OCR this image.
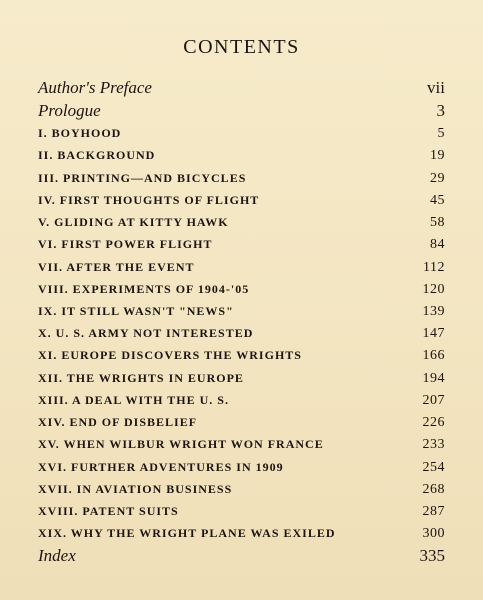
CONTENTS
Author's Preface	vii
Prologue	3
I. BOYHOOD	5
II. BACKGROUND	19
III. PRINTING—AND BICYCLES	29
IV. FIRST THOUGHTS OF FLIGHT	45
V. GLIDING AT KITTY HAWK	58
VI. FIRST POWER FLIGHT	84
VII. AFTER THE EVENT	112
VIII. EXPERIMENTS OF 1904-'05	120
IX. IT STILL WASN'T "NEWS"	139
X. U. S. ARMY NOT INTERESTED	147
XI. EUROPE DISCOVERS THE WRIGHTS	166
XII. THE WRIGHTS IN EUROPE	194
XIII. A DEAL WITH THE U. S.	207
XIV. END OF DISBELIEF	226
XV. WHEN WILBUR WRIGHT WON FRANCE	233
XVI. FURTHER ADVENTURES IN 1909	254
XVII. IN AVIATION BUSINESS	268
XVIII. PATENT SUITS	287
XIX. WHY THE WRIGHT PLANE WAS EXILED	300
Index	335
